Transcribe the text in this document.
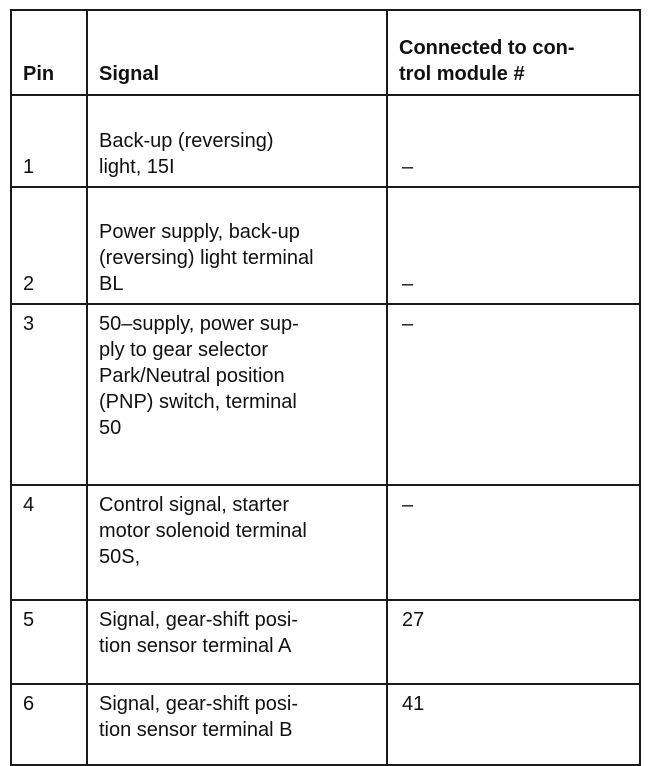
Pin	Signal	Connected to con-
trol module #
1	Back-up (reversing)
light, 15I	–
2	Power supply, back-up
(reversing) light terminal
BL	–
3	50–supply, power sup-
ply to gear selector
Park/Neutral position
(PNP) switch, terminal
50	–
4	Control signal, starter
motor solenoid terminal
50S,	–
5	Signal, gear-shift posi-
tion sensor terminal A	27
6	Signal, gear-shift posi-
tion sensor terminal B	41
